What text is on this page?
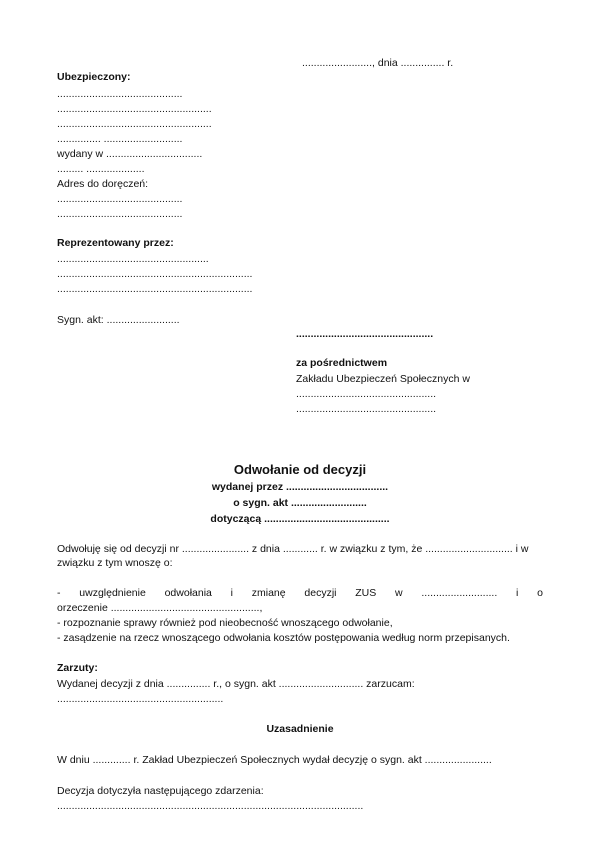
........................, dnia ............... r.
Ubezpieczony:
...........................................
.....................................................
.....................................................
............... ...........................
wydany w .................................
......... ....................
Adres do doręczeń:
...........................................
...........................................
Reprezentowany przez:
....................................................
...................................................................
...................................................................
Sygn. akt: .........................
...............................................
za pośrednictwem
Zakładu Ubezpieczeń Społecznych w
................................................
................................................
Odwołanie od decyzji
wydanej przez ...................................
o sygn. akt ..........................
dotyczącą ...........................................
Odwołuję się od decyzji nr ....................... z dnia ............ r. w związku z tym, że .............................. i w
związku z tym wnoszę o:
- uwzględnienie odwołania i zmianę decyzji ZUS w .......................... i o
orzeczenie ...................................................,
- rozpoznanie sprawy również pod nieobecność wnoszącego odwołanie,
- zasądzenie na rzecz wnoszącego odwołania kosztów postępowania według norm przepisanych.
Zarzuty:
Wydanej decyzji z dnia ............... r., o sygn. akt ............................. zarzucam:
.........................................................
Uzasadnienie
W dniu ............. r. Zakład Ubezpieczeń Społecznych wydał decyzję o sygn. akt .......................
Decyzja dotyczyła następującego zdarzenia:
.........................................................................................................
